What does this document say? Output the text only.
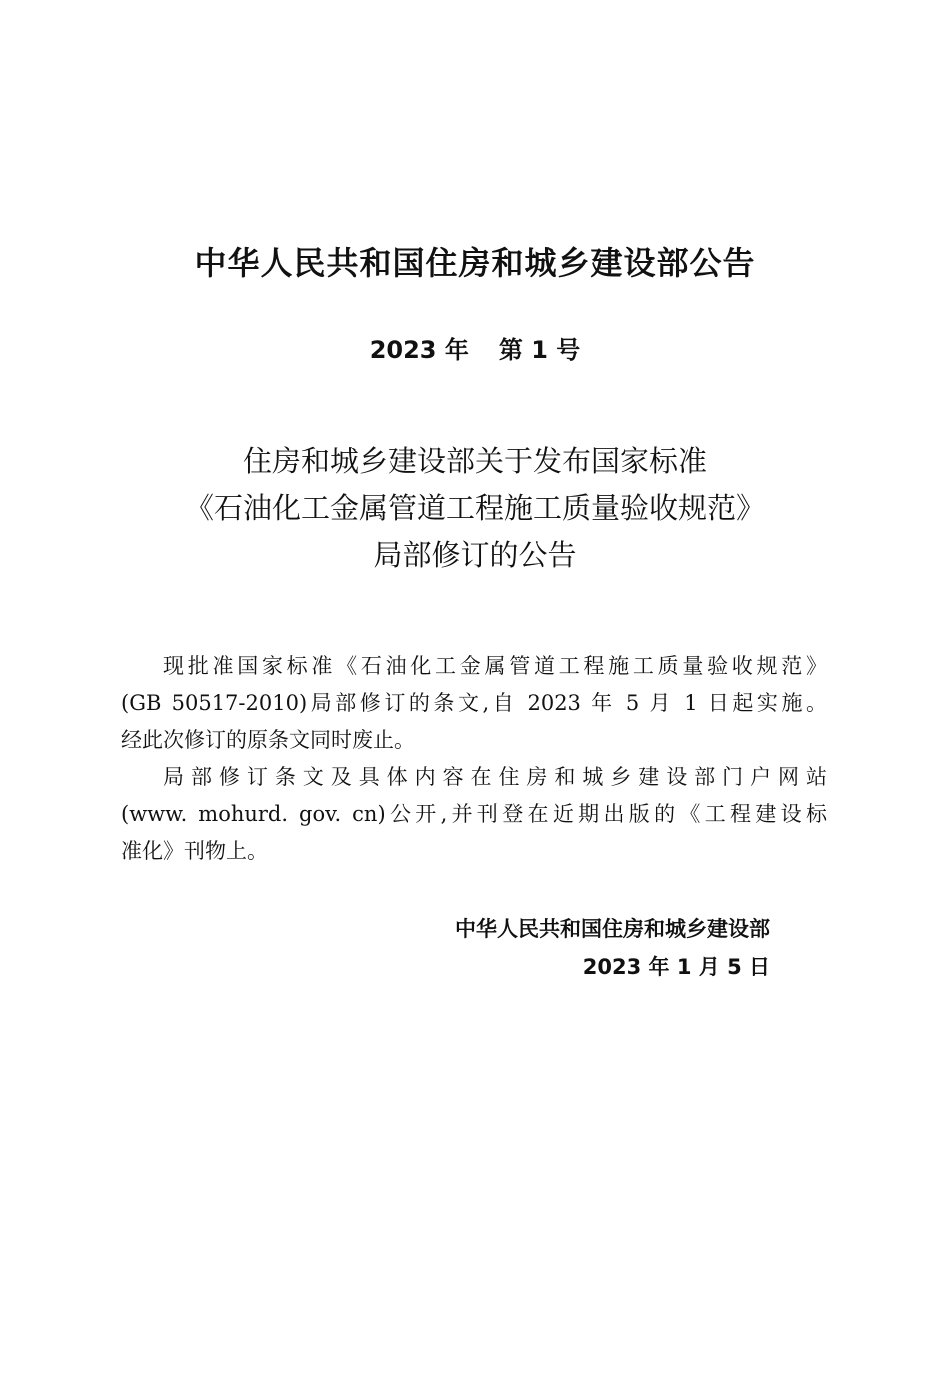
中华人民共和国住房和城乡建设部公告
2023 年 第 1 号
住房和城乡建设部关于发布国家标准
《石油化工金属管道工程施工质量验收规范》
局部修订的公告
现批准国家标准《石油化工金属管道工程施工质量验收规范》
(GB 50517-2010)局部修订的条文,自 2023 年 5 月 1 日起实施。
经此次修订的原条文同时废止。
局部修订条文及具体内容在住房和城乡建设部门户网站
(www. mohurd. gov. cn)公开,并刊登在近期出版的《工程建设标
准化》刊物上。
中华人民共和国住房和城乡建设部
2023 年 1 月 5 日
